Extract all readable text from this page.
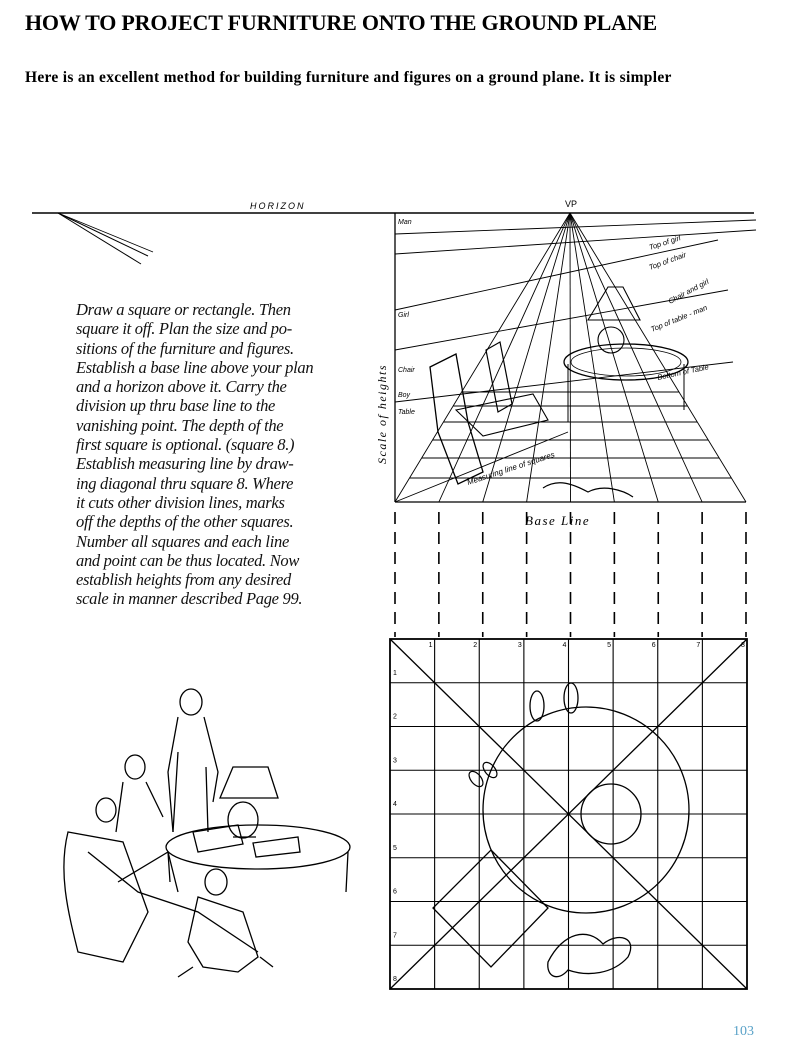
HOW TO PROJECT FURNITURE ONTO THE GROUND PLANE
Here is an excellent method for building furniture and figures on a ground plane. It is simpler
HORIZON	VP
Man
Girl
Chair
Boy
Table
Scale of heights
Base Line
Top of girl
Top of chair
Chair and girl
Top of table - man
Bottom of Table
Measuring line of squares
1	2	3	4	5	6	7	8
1
2
3
4
5
6
7
8
Draw a square or rectangle. Then
square it off. Plan the size and po-
sitions of the furniture and figures.
Establish a base line above your plan
and a horizon above it. Carry the
division up thru base line to the
vanishing point. The depth of the
first square is optional. (square 8.)
Establish measuring line by draw-
ing diagonal thru square 8. Where
it cuts other division lines, marks
off the depths of the other squares.
Number all squares and each line
and point can be thus located. Now
establish heights from any desired
scale in manner described Page 99.
103
